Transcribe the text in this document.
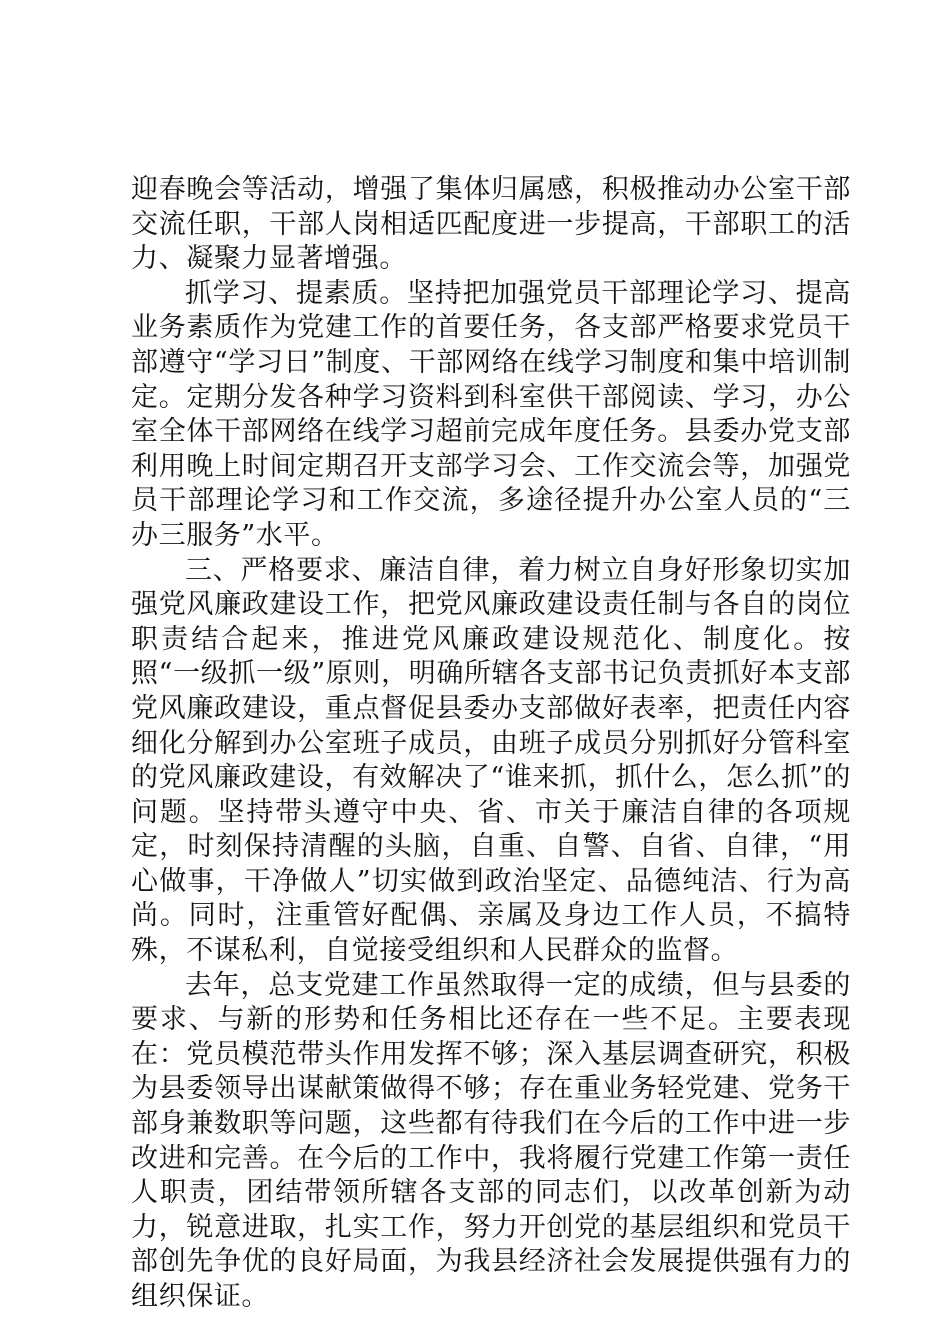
迎春晚会等活动，增强了集体归属感，积极推动办公室干部交流任职，干部人岗相适匹配度进一步提高，干部职工的活力、凝聚力显著增强。

抓学习、提素质。坚持把加强党员干部理论学习、提高业务素质作为党建工作的首要任务，各支部严格要求党员干部遵守“学习日”制度、干部网络在线学习制度和集中培训制定。定期分发各种学习资料到科室供干部阅读、学习，办公室全体干部网络在线学习超前完成年度任务。县委办党支部利用晚上时间定期召开支部学习会、工作交流会等，加强党员干部理论学习和工作交流，多途径提升办公室人员的“三办三服务”水平。

三、严格要求、廉洁自律，着力树立自身好形象切实加强党风廉政建设工作，把党风廉政建设责任制与各自的岗位职责结合起来，推进党风廉政建设规范化、制度化。按照“一级抓一级”原则，明确所辖各支部书记负责抓好本支部党风廉政建设，重点督促县委办支部做好表率，把责任内容细化分解到办公室班子成员，由班子成员分别抓好分管科室的党风廉政建设，有效解决了“谁来抓，抓什么，怎么抓”的问题。坚持带头遵守中央、省、市关于廉洁自律的各项规定，时刻保持清醒的头脑，自重、自警、自省、自律，“用心做事，干净做人”切实做到政治坚定、品德纯洁、行为高尚。同时，注重管好配偶、亲属及身边工作人员，不搞特殊，不谋私利，自觉接受组织和人民群众的监督。

去年，总支党建工作虽然取得一定的成绩，但与县委的要求、与新的形势和任务相比还存在一些不足。主要表现在：党员模范带头作用发挥不够；深入基层调查研究，积极为县委领导出谋献策做得不够；存在重业务轻党建、党务干部身兼数职等问题，这些都有待我们在今后的工作中进一步改进和完善。在今后的工作中，我将履行党建工作第一责任人职责，团结带领所辖各支部的同志们，以改革创新为动力，锐意进取，扎实工作，努力开创党的基层组织和党员干部创先争优的良好局面，为我县经济社会发展提供强有力的组织保证。
